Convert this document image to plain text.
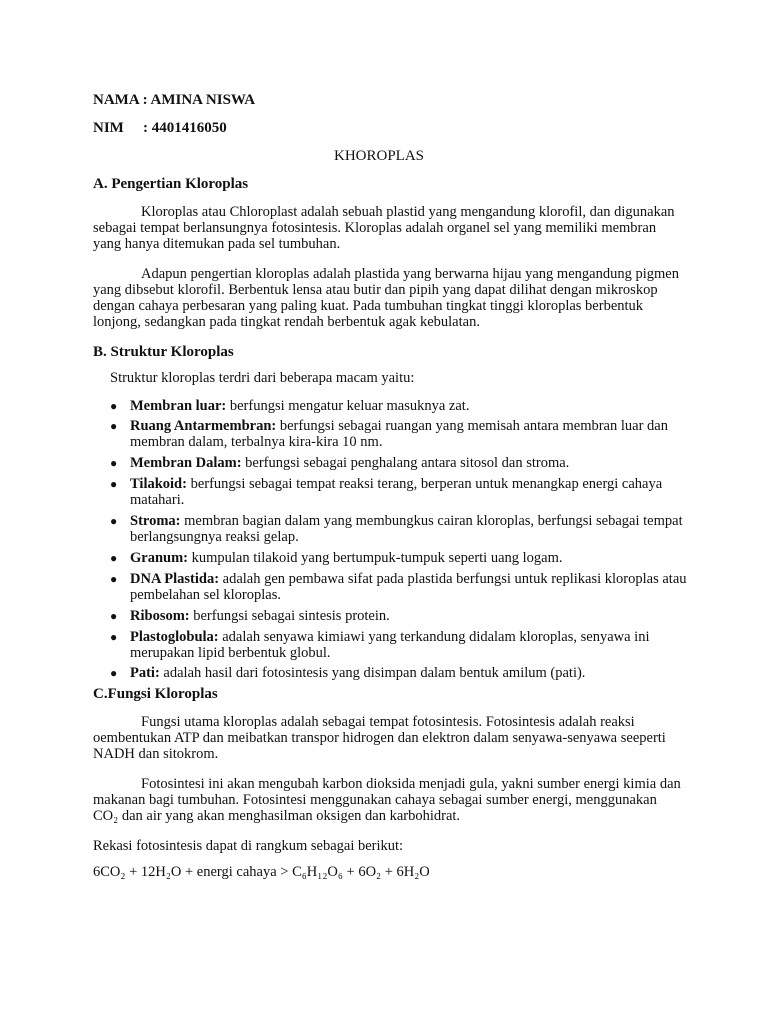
NAMA : AMINA NISWA
NIM : 4401416050
KHOROPLAS
A. Pengertian Kloroplas
Kloroplas atau Chloroplast adalah sebuah plastid yang mengandung klorofil, dan digunakan sebagai tempat berlansungnya fotosintesis. Kloroplas adalah organel sel yang memiliki membran yang hanya ditemukan pada sel tumbuhan.
Adapun pengertian kloroplas adalah plastida yang berwarna hijau yang mengandung pigmen yang dibsebut klorofil. Berbentuk lensa atau butir dan pipih yang dapat dilihat dengan mikroskop dengan cahaya perbesaran yang paling kuat. Pada tumbuhan tingkat tinggi kloroplas berbentuk lonjong, sedangkan pada tingkat rendah berbentuk agak kebulatan.
B. Struktur Kloroplas
Struktur kloroplas terdri dari beberapa macam yaitu:
● Membran luar: berfungsi mengatur keluar masuknya zat.
● Ruang Antarmembran: berfungsi sebagai ruangan yang memisah antara membran luar dan membran dalam, terbalnya kira-kira 10 nm.
● Membran Dalam: berfungsi sebagai penghalang antara sitosol dan stroma.
● Tilakoid: berfungsi sebagai tempat reaksi terang, berperan untuk menangkap energi cahaya matahari.
● Stroma: membran bagian dalam yang membungkus cairan kloroplas, berfungsi sebagai tempat berlangsungnya reaksi gelap.
● Granum: kumpulan tilakoid yang bertumpuk-tumpuk seperti uang logam.
● DNA Plastida: adalah gen pembawa sifat pada plastida berfungsi untuk replikasi kloroplas atau pembelahan sel kloroplas.
● Ribosom: berfungsi sebagai sintesis protein.
● Plastoglobula: adalah senyawa kimiawi yang terkandung didalam kloroplas, senyawa ini merupakan lipid berbentuk globul.
● Pati: adalah hasil dari fotosintesis yang disimpan dalam bentuk amilum (pati).
C.Fungsi Kloroplas
Fungsi utama kloroplas adalah sebagai tempat fotosintesis. Fotosintesis adalah reaksi oembentukan ATP dan meibatkan transpor hidrogen dan elektron dalam senyawa-senyawa seeperti NADH dan sitokrom.
Fotosintesi ini akan mengubah karbon dioksida menjadi gula, yakni sumber energi kimia dan makanan bagi tumbuhan. Fotosintesi menggunakan cahaya sebagai sumber energi, menggunakan CO₂ dan air yang akan menghasilman oksigen dan karbohidrat.
Rekasi fotosintesis dapat di rangkum sebagai berikut:
6CO₂ + 12H₂O + energi cahaya > C₆H₁₂O₆ + 6O₂ + 6H₂O
